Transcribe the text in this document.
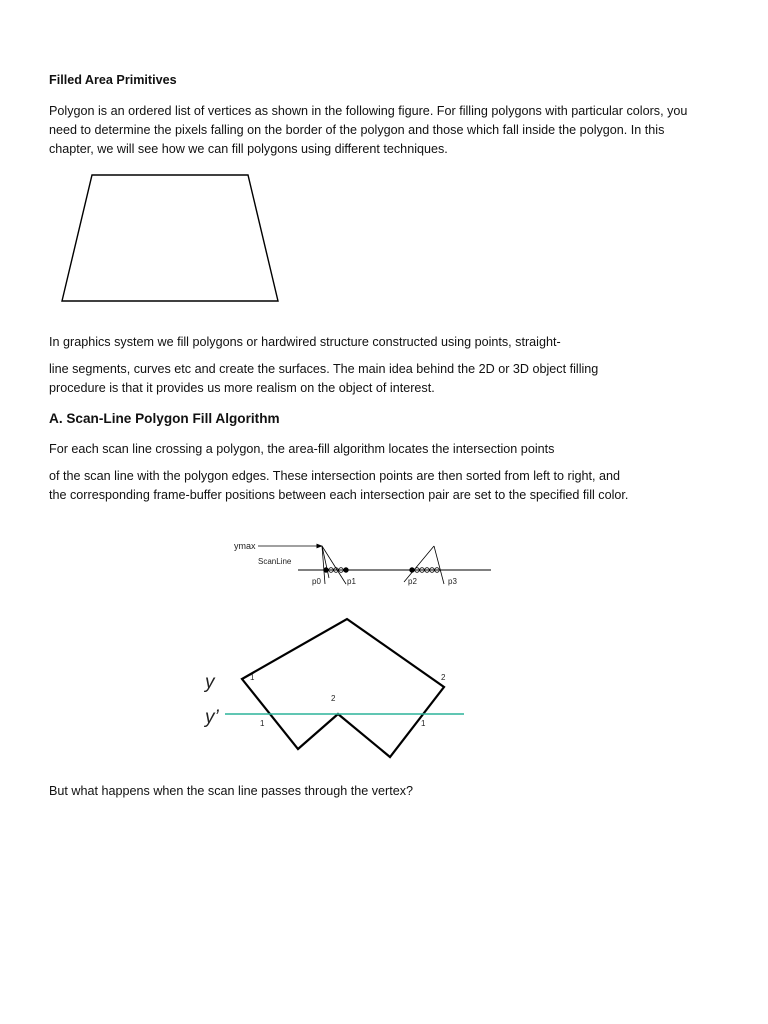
Filled Area Primitives

Polygon is an ordered list of vertices as shown in the following figure. For filling polygons with particular colors, you

need to determine the pixels falling on the border of the polygon and those which fall inside the polygon. In this

chapter, we will see how we can fill polygons using different techniques.

In graphics system we fill polygons or hardwired structure constructed using points, straight-

line segments, curves etc and create the surfaces. The main idea behind the 2D or 3D object filling

procedure is that it provides us more realism on the object of interest.

A. Scan-Line Polygon Fill Algorithm

For each scan line crossing a polygon, the area-fill algorithm locates the intersection points

of the scan line with the polygon edges. These intersection points are then sorted from left to right, and

the corresponding frame-buffer positions between each intersection pair are set to the specified fill color.

ymax
ScanLine
p0	p1	p2	p3
y
y’
1
2
1
2
1

But what happens when the scan line passes through the vertex?
